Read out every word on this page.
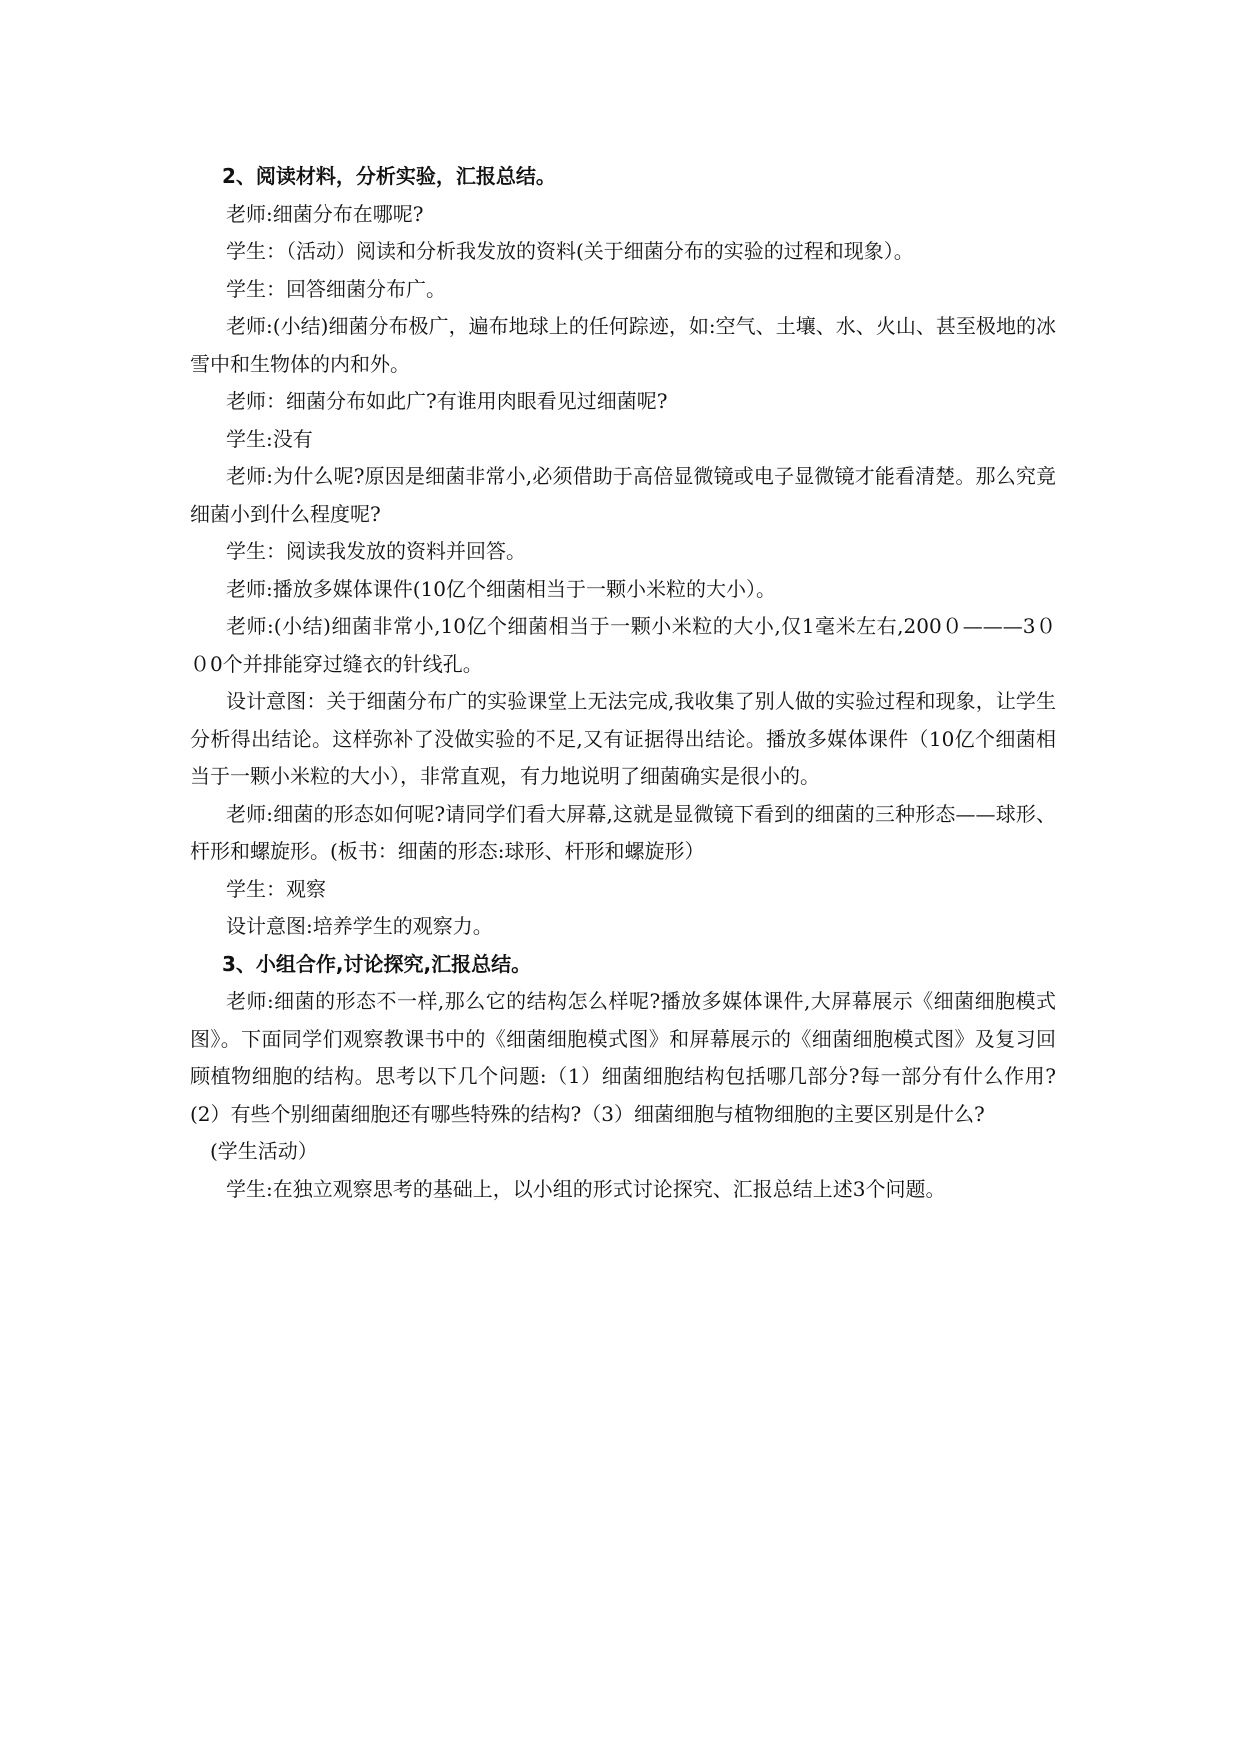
2、阅读材料，分析实验，汇报总结。

老师:细菌分布在哪呢?

学生：（活动）阅读和分析我发放的资料(关于细菌分布的实验的过程和现象）。

学生：回答细菌分布广。

老师:(小结)细菌分布极广，遍布地球上的任何踪迹，如:空气、土壤、水、火山、甚至极地的冰雪中和生物体的内和外。

老师：细菌分布如此广?有谁用肉眼看见过细菌呢?

学生:没有

老师:为什么呢?原因是细菌非常小,必须借助于高倍显微镜或电子显微镜才能看清楚。那么究竟细菌小到什么程度呢?

学生：阅读我发放的资料并回答。

老师:播放多媒体课件(10亿个细菌相当于一颗小米粒的大小）。

老师:(小结)细菌非常小,10亿个细菌相当于一颗小米粒的大小,仅1毫米左右,200０———3０ ０0个并排能穿过缝衣的针线孔。

设计意图：关于细菌分布广的实验课堂上无法完成,我收集了别人做的实验过程和现象，让学生分析得出结论。这样弥补了没做实验的不足,又有证据得出结论。播放多媒体课件（10亿个细菌相当于一颗小米粒的大小），非常直观，有力地说明了细菌确实是很小的。

老师:细菌的形态如何呢?请同学们看大屏幕,这就是显微镜下看到的细菌的三种形态——球形、杆形和螺旋形。(板书：细菌的形态:球形、杆形和螺旋形）

学生：观察

设计意图:培养学生的观察力。

3、小组合作,讨论探究,汇报总结。

老师:细菌的形态不一样,那么它的结构怎么样呢?播放多媒体课件,大屏幕展示《细菌细胞模式图》。下面同学们观察教课书中的《细菌细胞模式图》和屏幕展示的《细菌细胞模式图》及复习回顾植物细胞的结构。思考以下几个问题:（1）细菌细胞结构包括哪几部分?每一部分有什么作用?(2）有些个别细菌细胞还有哪些特殊的结构?（3）细菌细胞与植物细胞的主要区别是什么?

(学生活动）

学生:在独立观察思考的基础上，以小组的形式讨论探究、汇报总结上述3个问题。
